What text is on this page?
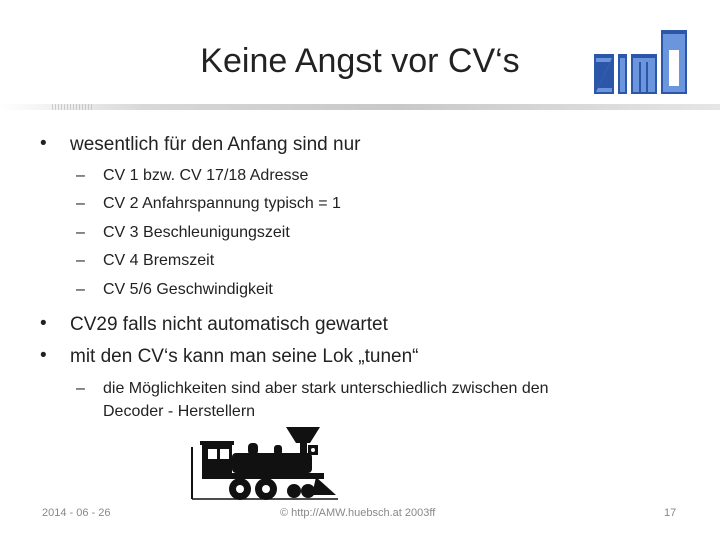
Keine Angst vor CV‘s
zimo
• wesentlich für den Anfang sind nur
– CV 1 bzw. CV 17/18 Adresse
– CV 2 Anfahrspannung typisch = 1
– CV 3 Beschleunigungszeit
– CV 4 Bremszeit
– CV 5/6 Geschwindigkeit
• CV29 falls nicht automatisch gewartet
• mit den CV‘s kann man seine Lok „tunen“
– die Möglichkeiten sind aber stark unterschiedlich zwischen den
Decoder - Herstellern
2014 - 06 - 26	© http://AMW.huebsch.at 2003ff	17
